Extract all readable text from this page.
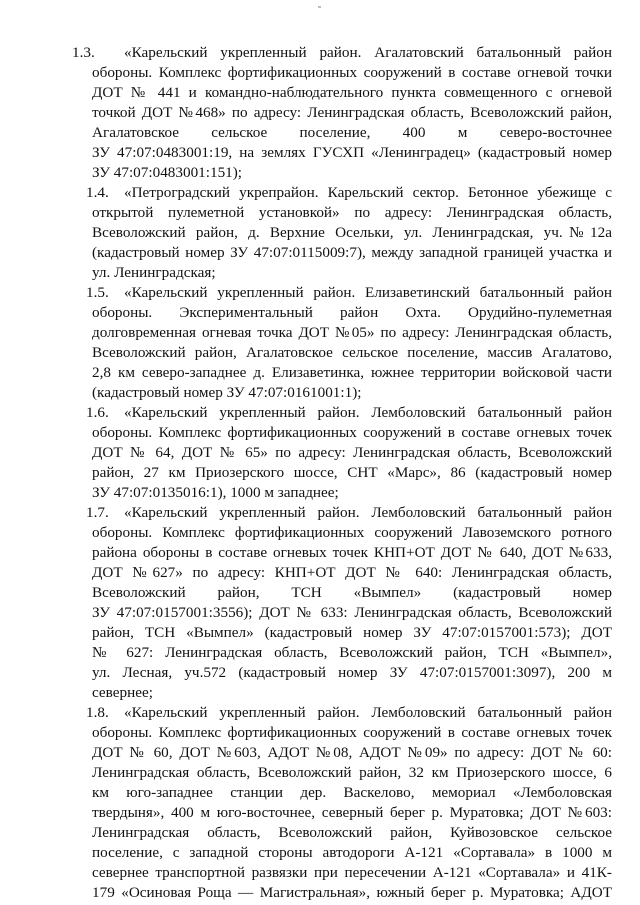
1.3. «Карельский укрепленный район. Агалатовский батальонный район
обороны. Комплекс фортификационных сооружений в составе огневой точки
ДОТ № 441 и командно-наблюдательного пункта совмещенного с огневой
точкой ДОТ №468» по адресу: Ленинградская область, Всеволожский район,
Агалатовское сельское поселение, 400 м северо-восточнее
ЗУ 47:07:0483001:19, на землях ГУСХП «Ленинградец» (кадастровый номер
ЗУ 47:07:0483001:151);
1.4. «Петроградский укрепрайон. Карельский сектор. Бетонное убежище с
открытой пулеметной установкой» по адресу: Ленинградская область,
Всеволожский район, д. Верхние Осельки, ул. Ленинградская, уч.№12а
(кадастровый номер ЗУ 47:07:0115009:7), между западной границей участка и
ул. Ленинградская;
1.5. «Карельский укрепленный район. Елизаветинский батальонный район
обороны. Экспериментальный район Охта. Орудийно-пулеметная
долговременная огневая точка ДОТ №05» по адресу: Ленинградская область,
Всеволожский район, Агалатовское сельское поселение, массив Агалатово,
2,8 км северо-западнее д. Елизаветинка, южнее территории войсковой части
(кадастровый номер ЗУ 47:07:0161001:1);
1.6. «Карельский укрепленный район. Лемболовский батальонный район
обороны. Комплекс фортификационных сооружений в составе огневых точек
ДОТ № 64, ДОТ № 65» по адресу: Ленинградская область, Всеволожский
район, 27 км Приозерского шоссе, СНТ «Марс», 86 (кадастровый номер
ЗУ 47:07:0135016:1), 1000 м западнее;
1.7. «Карельский укрепленный район. Лемболовский батальонный район
обороны. Комплекс фортификационных сооружений Лавоземского ротного
района обороны в составе огневых точек КНП+ОТ ДОТ № 640, ДОТ №633,
ДОТ №627» по адресу: КНП+ОТ ДОТ № 640: Ленинградская область,
Всеволожский район, ТСН «Вымпел» (кадастровый номер
ЗУ 47:07:0157001:3556); ДОТ № 633: Ленинградская область, Всеволожский
район, ТСН «Вымпел» (кадастровый номер ЗУ 47:07:0157001:573); ДОТ
№ 627: Ленинградская область, Всеволожский район, ТСН «Вымпел»,
ул. Лесная, уч.572 (кадастровый номер ЗУ 47:07:0157001:3097), 200 м
севернее;
1.8. «Карельский укрепленный район. Лемболовский батальонный район
обороны. Комплекс фортификационных сооружений в составе огневых точек
ДОТ № 60, ДОТ №603, АДОТ №08, АДОТ №09» по адресу: ДОТ № 60:
Ленинградская область, Всеволожский район, 32 км Приозерского шоссе, 6
км юго-западнее станции дер. Васкелово, мемориал «Лемболовская
твердыня», 400 м юго-восточнее, северный берег р. Муратовка; ДОТ №603:
Ленинградская область, Всеволожский район, Куйвозовское сельское
поселение, с западной стороны автодороги А-121 «Сортавала» в 1000 м
севернее транспортной развязки при пересечении А-121 «Сортавала» и 41К-
179 «Осиновая Роща — Магистральная», южный берег р. Муратовка; АДОТ
